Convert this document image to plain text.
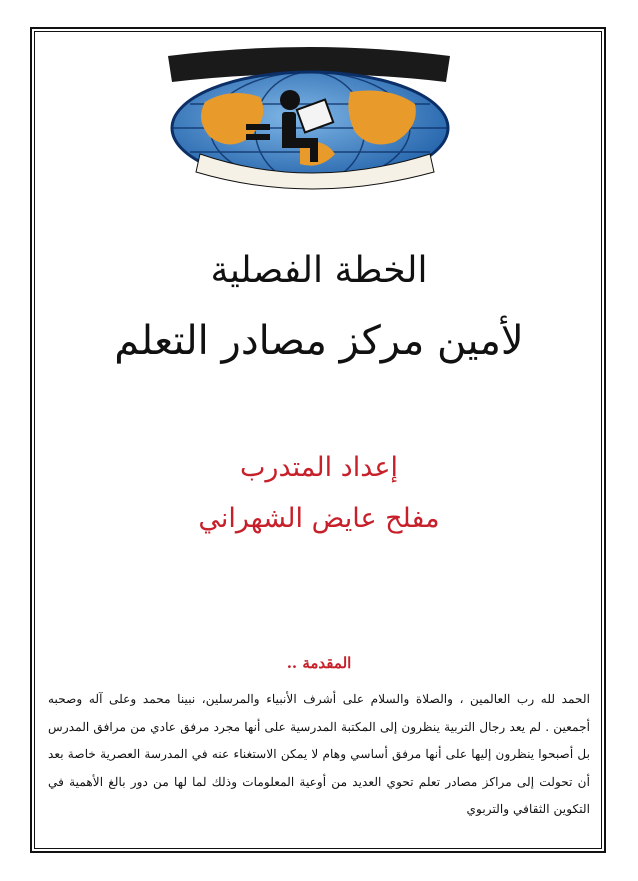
الخطة الفصلية
لأمين مركز مصادر التعلم
إعداد المتدرب
مفلح عايض الشهراني
المقدمة ..
الحمد لله رب العالمين ، والصلاة والسلام على أشرف الأنبياء والمرسلين، نبينا محمد وعلى آله وصحبه أجمعين . لم يعد رجال التربية ينظرون إلى المكتبة المدرسية على أنها مجرد مرفق عادي من مرافق المدرس بل أصبحوا ينظرون إليها على أنها مرفق أساسي وهام لا يمكن الاستغناء عنه في المدرسة العصرية خاصة بعد أن تحولت إلى مراكز مصادر تعلم تحوي العديد من أوعية المعلومات وذلك لما لها من دور بالغ الأهمية في التكوين الثقافي والتربوي
